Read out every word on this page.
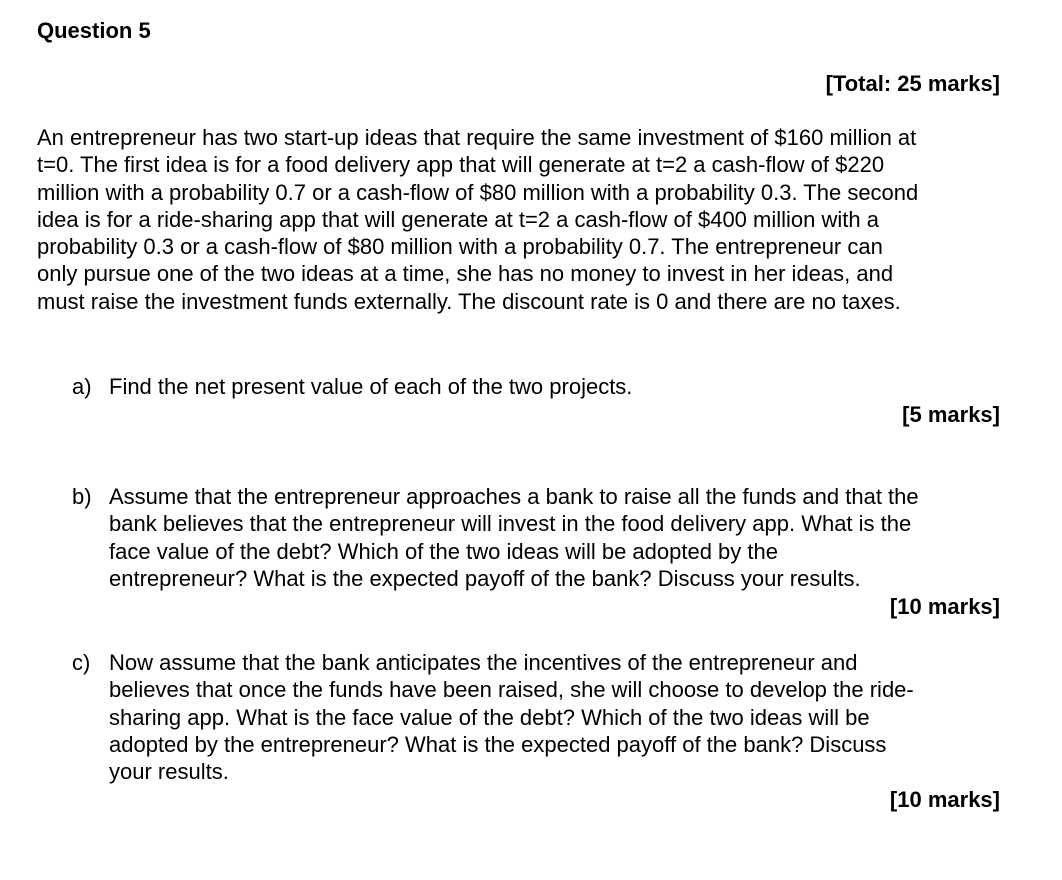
Question 5
[Total: 25 marks]
An entrepreneur has two start-up ideas that require the same investment of $160 million at
t=0. The first idea is for a food delivery app that will generate at t=2 a cash-flow of $220
million with a probability 0.7 or a cash-flow of $80 million with a probability 0.3. The second
idea is for a ride-sharing app that will generate at t=2 a cash-flow of $400 million with a
probability 0.3 or a cash-flow of $80 million with a probability 0.7. The entrepreneur can
only pursue one of the two ideas at a time, she has no money to invest in her ideas, and
must raise the investment funds externally. The discount rate is 0 and there are no taxes.
a) Find the net present value of each of the two projects.
[5 marks]
b) Assume that the entrepreneur approaches a bank to raise all the funds and that the
bank believes that the entrepreneur will invest in the food delivery app. What is the
face value of the debt? Which of the two ideas will be adopted by the
entrepreneur? What is the expected payoff of the bank? Discuss your results.
[10 marks]
c) Now assume that the bank anticipates the incentives of the entrepreneur and
believes that once the funds have been raised, she will choose to develop the ride-
sharing app. What is the face value of the debt? Which of the two ideas will be
adopted by the entrepreneur? What is the expected payoff of the bank? Discuss
your results.
[10 marks]
